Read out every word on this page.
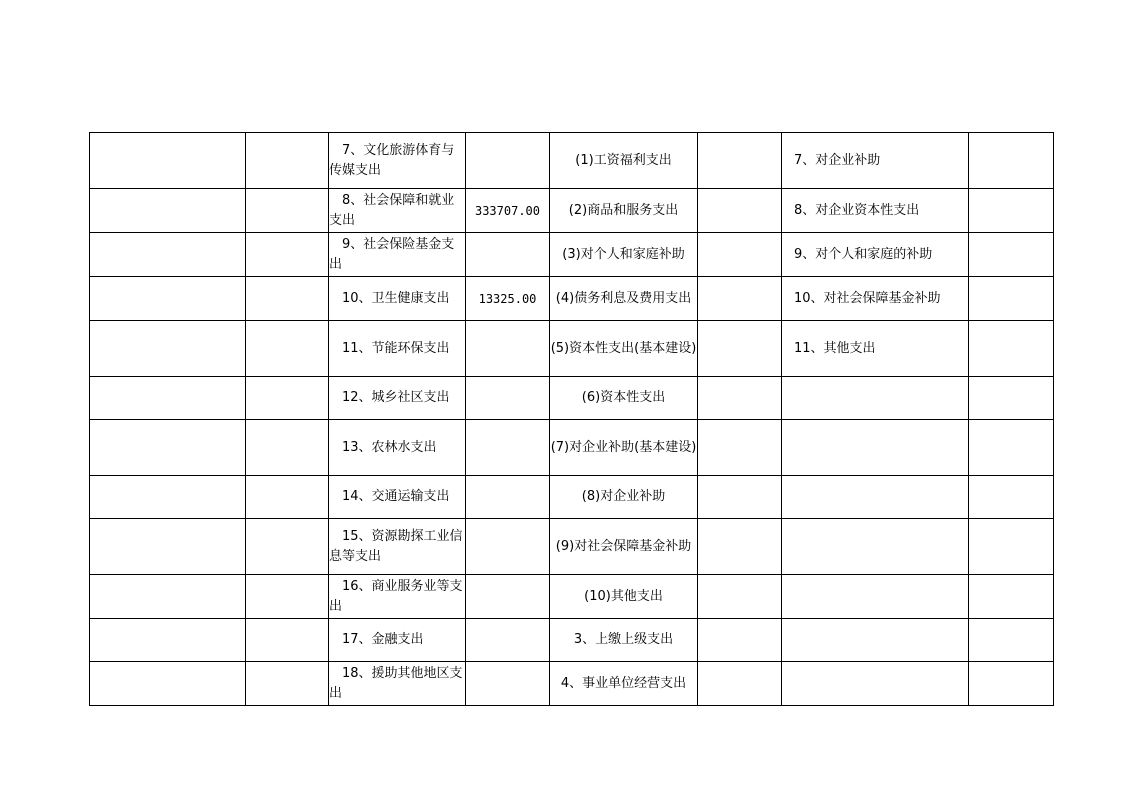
		7、文化旅游体育与传媒支出		(1)工资福利支出		7、对企业补助	
		8、社会保障和就业支出	333707.00	(2)商品和服务支出		8、对企业资本性支出	
		9、社会保险基金支出		(3)对个人和家庭补助		9、对个人和家庭的补助	
		10、卫生健康支出	13325.00	(4)债务利息及费用支出		10、对社会保障基金补助	
		11、节能环保支出		(5)资本性支出(基本建设)		11、其他支出	
		12、城乡社区支出		(6)资本性支出			
		13、农林水支出		(7)对企业补助(基本建设)			
		14、交通运输支出		(8)对企业补助			
		15、资源勘探工业信息等支出		(9)对社会保障基金补助			
		16、商业服务业等支出		(10)其他支出			
		17、金融支出		3、上缴上级支出			
		18、援助其他地区支出		4、事业单位经营支出			
